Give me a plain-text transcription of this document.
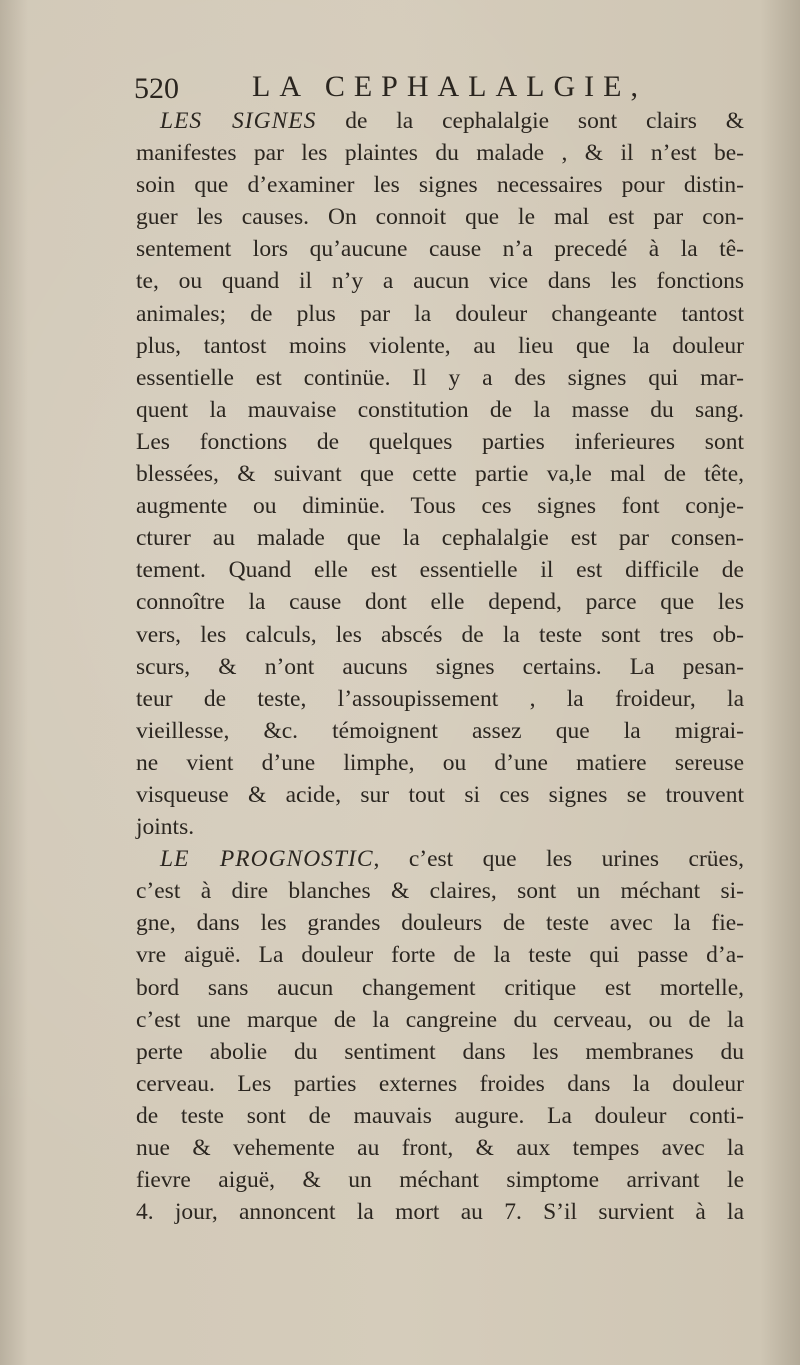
520 LA CEPHALALGIE,
LES SIGNES de la cephalalgie sont clairs &
manifestes par les plaintes du malade , & il n’est be-
soin que d’examiner les signes necessaires pour distin-
guer les causes. On connoit que le mal est par con-
sentement lors qu’aucune cause n’a precedé à la tê-
te, ou quand il n’y a aucun vice dans les fonctions
animales; de plus par la douleur changeante tantost
plus, tantost moins violente, au lieu que la douleur
essentielle est continüe. Il y a des signes qui mar-
quent la mauvaise constitution de la masse du sang.
Les fonctions de quelques parties inferieures sont
blessées, & suivant que cette partie va,le mal de tête,
augmente ou diminüe. Tous ces signes font conje-
cturer au malade que la cephalalgie est par consen-
tement. Quand elle est essentielle il est difficile de
connoître la cause dont elle depend, parce que les
vers, les calculs, les abscés de la teste sont tres ob-
scurs, & n’ont aucuns signes certains. La pesan-
teur de teste, l’assoupissement , la froideur, la
vieillesse, &c. témoignent assez que la migrai-
ne vient d’une limphe, ou d’une matiere sereuse
visqueuse & acide, sur tout si ces signes se trouvent
joints.
LE PROGNOSTIC, c’est que les urines crües,
c’est à dire blanches & claires, sont un méchant si-
gne, dans les grandes douleurs de teste avec la fie-
vre aiguë. La douleur forte de la teste qui passe d’a-
bord sans aucun changement critique est mortelle,
c’est une marque de la cangreine du cerveau, ou de la
perte abolie du sentiment dans les membranes du
cerveau. Les parties externes froides dans la douleur
de teste sont de mauvais augure. La douleur conti-
nue & vehemente au front, & aux tempes avec la
fievre aiguë, & un méchant simptome arrivant le
4. jour, annoncent la mort au 7. S’il survient à la
